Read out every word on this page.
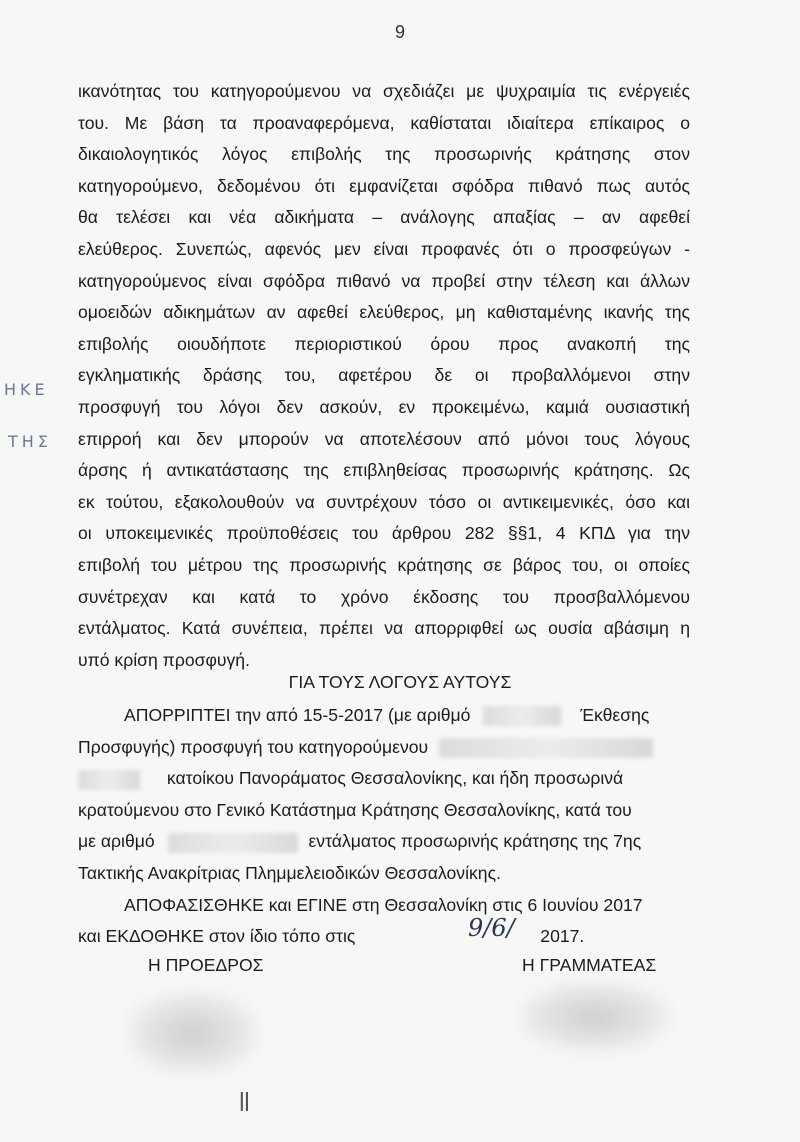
9
ΗΚΕ
ΤΗΣ
ικανότητας του κατηγορούμενου να σχεδιάζει με ψυχραιμία τις ενέργειές
του. Με βάση τα προαναφερόμενα, καθίσταται ιδιαίτερα επίκαιρος ο
δικαιολογητικός λόγος επιβολής της προσωρινής κράτησης στον
κατηγορούμενο, δεδομένου ότι εμφανίζεται σφόδρα πιθανό πως αυτός
θα τελέσει και νέα αδικήματα – ανάλογης απαξίας – αν αφεθεί
ελεύθερος. Συνεπώς, αφενός μεν είναι προφανές ότι ο προσφεύγων -
κατηγορούμενος είναι σφόδρα πιθανό να προβεί στην τέλεση και άλλων
ομοειδών αδικημάτων αν αφεθεί ελεύθερος, μη καθισταμένης ικανής της
επιβολής οιουδήποτε περιοριστικού όρου προς ανακοπή της
εγκληματικής δράσης του, αφετέρου δε οι προβαλλόμενοι στην
προσφυγή του λόγοι δεν ασκούν, εν προκειμένω, καμιά ουσιαστική
επιρροή και δεν μπορούν να αποτελέσουν από μόνοι τους λόγους
άρσης ή αντικατάστασης της επιβληθείσας προσωρινής κράτησης. Ως
εκ τούτου, εξακολουθούν να συντρέχουν τόσο οι αντικειμενικές, όσο και
οι υποκειμενικές προϋποθέσεις του άρθρου 282 §§1, 4 ΚΠΔ για την
επιβολή του μέτρου της προσωρινής κράτησης σε βάρος του, οι οποίες
συνέτρεχαν και κατά το χρόνο έκδοσης του προσβαλλόμενου
εντάλματος. Κατά συνέπεια, πρέπει να απορριφθεί ως ουσία αβάσιμη η
υπό κρίση προσφυγή.
ΓΙΑ ΤΟΥΣ ΛΟΓΟΥΣ ΑΥΤΟΥΣ
ΑΠΟΡΡΙΠΤΕΙ την από 15-5-2017 (με αριθμό	Έκθεσης
Προσφυγής) προσφυγή του κατηγορούμενου
κατοίκου Πανοράματος Θεσσαλονίκης, και ήδη προσωρινά
κρατούμενου στο Γενικό Κατάστημα Κράτησης Θεσσαλονίκης, κατά του
με αριθμό	εντάλματος προσωρινής κράτησης της 7ης
Τακτικής Ανακρίτριας Πλημμελειοδικών Θεσσαλονίκης.
ΑΠΟΦΑΣΙΣΘΗΚΕ και ΕΓΙΝΕ στη Θεσσαλονίκη στις 6 Ιουνίου 2017
και ΕΚΔΟΘΗΚΕ στον ίδιο τόπο στις	2017.
9/6/
Η ΠΡΟΕΔΡΟΣ	Η ΓΡΑΜΜΑΤΕΑΣ
ǁ
